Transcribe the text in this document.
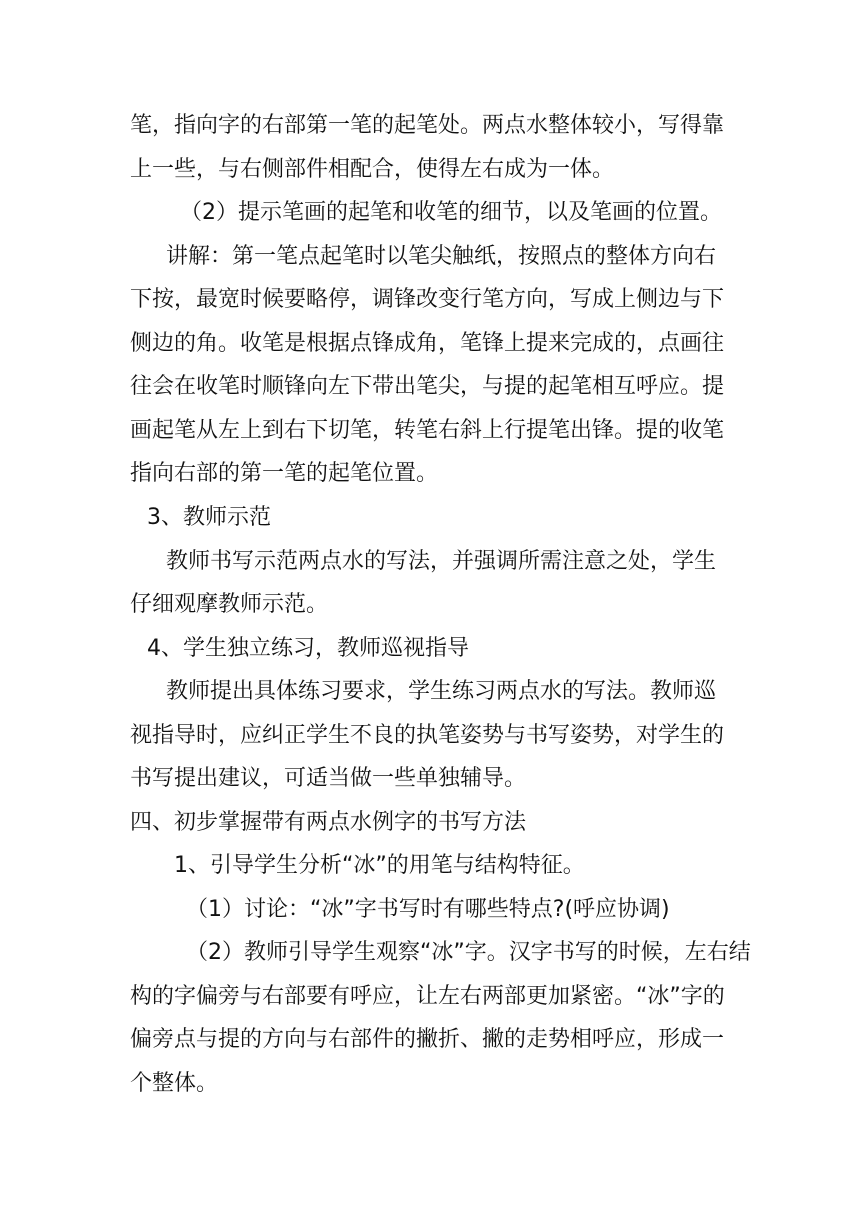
笔，指向字的右部第一笔的起笔处。两点水整体较小，写得靠
上一些，与右侧部件相配合，使得左右成为一体。
（2）提示笔画的起笔和收笔的细节，以及笔画的位置。
讲解：第一笔点起笔时以笔尖触纸，按照点的整体方向右
下按，最宽时候要略停，调锋改变行笔方向，写成上侧边与下
侧边的角。收笔是根据点锋成角，笔锋上提来完成的，点画往
往会在收笔时顺锋向左下带出笔尖，与提的起笔相互呼应。提
画起笔从左上到右下切笔，转笔右斜上行提笔出锋。提的收笔
指向右部的第一笔的起笔位置。
3、教师示范
教师书写示范两点水的写法，并强调所需注意之处，学生
仔细观摩教师示范。
4、学生独立练习，教师巡视指导
教师提出具体练习要求，学生练习两点水的写法。教师巡
视指导时，应纠正学生不良的执笔姿势与书写姿势，对学生的
书写提出建议，可适当做一些单独辅导。
四、初步掌握带有两点水例字的书写方法
1、引导学生分析“冰”的用笔与结构特征。
（1）讨论：“冰”字书写时有哪些特点?(呼应协调)
（2）教师引导学生观察“冰”字。汉字书写的时候，左右结
构的字偏旁与右部要有呼应，让左右两部更加紧密。“冰”字的
偏旁点与提的方向与右部件的撇折、撇的走势相呼应，形成一
个整体。
